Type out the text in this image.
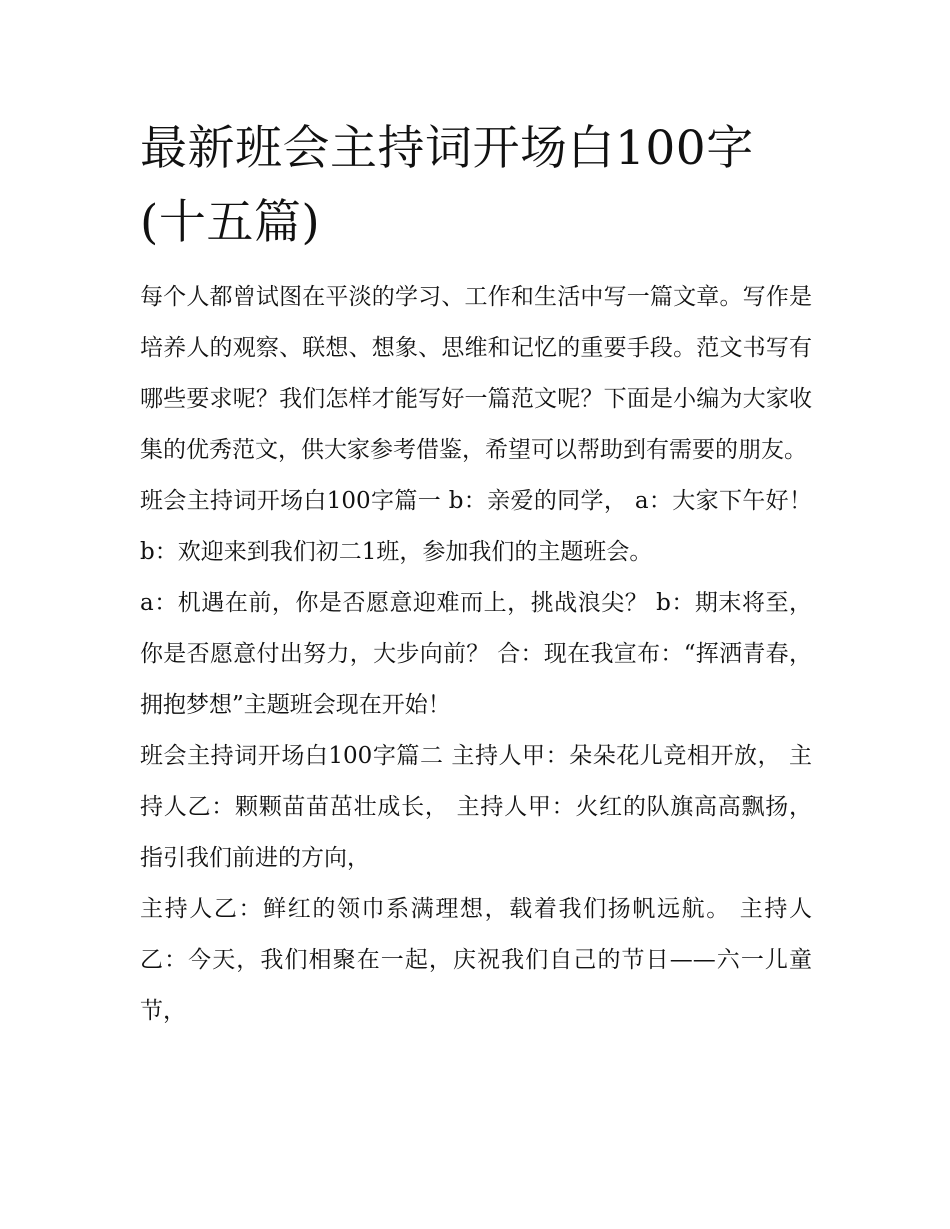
最新班会主持词开场白100字(十五篇)

每个人都曾试图在平淡的学习、工作和生活中写一篇文章。写作是培养人的观察、联想、想象、思维和记忆的重要手段。范文书写有哪些要求呢？我们怎样才能写好一篇范文呢？下面是小编为大家收集的优秀范文，供大家参考借鉴，希望可以帮助到有需要的朋友。

班会主持词开场白100字篇一 b：亲爱的同学， a：大家下午好！ b：欢迎来到我们初二1班，参加我们的主题班会。

a：机遇在前，你是否愿意迎难而上，挑战浪尖？ b：期末将至，你是否愿意付出努力，大步向前？ 合：现在我宣布：“挥洒青春，拥抱梦想”主题班会现在开始！

班会主持词开场白100字篇二 主持人甲：朵朵花儿竞相开放， 主持人乙：颗颗苗苗茁壮成长， 主持人甲：火红的队旗高高飘扬，指引我们前进的方向，

主持人乙：鲜红的领巾系满理想，载着我们扬帆远航。 主持人乙：今天，我们相聚在一起，庆祝我们自己的节日——六一儿童节，
